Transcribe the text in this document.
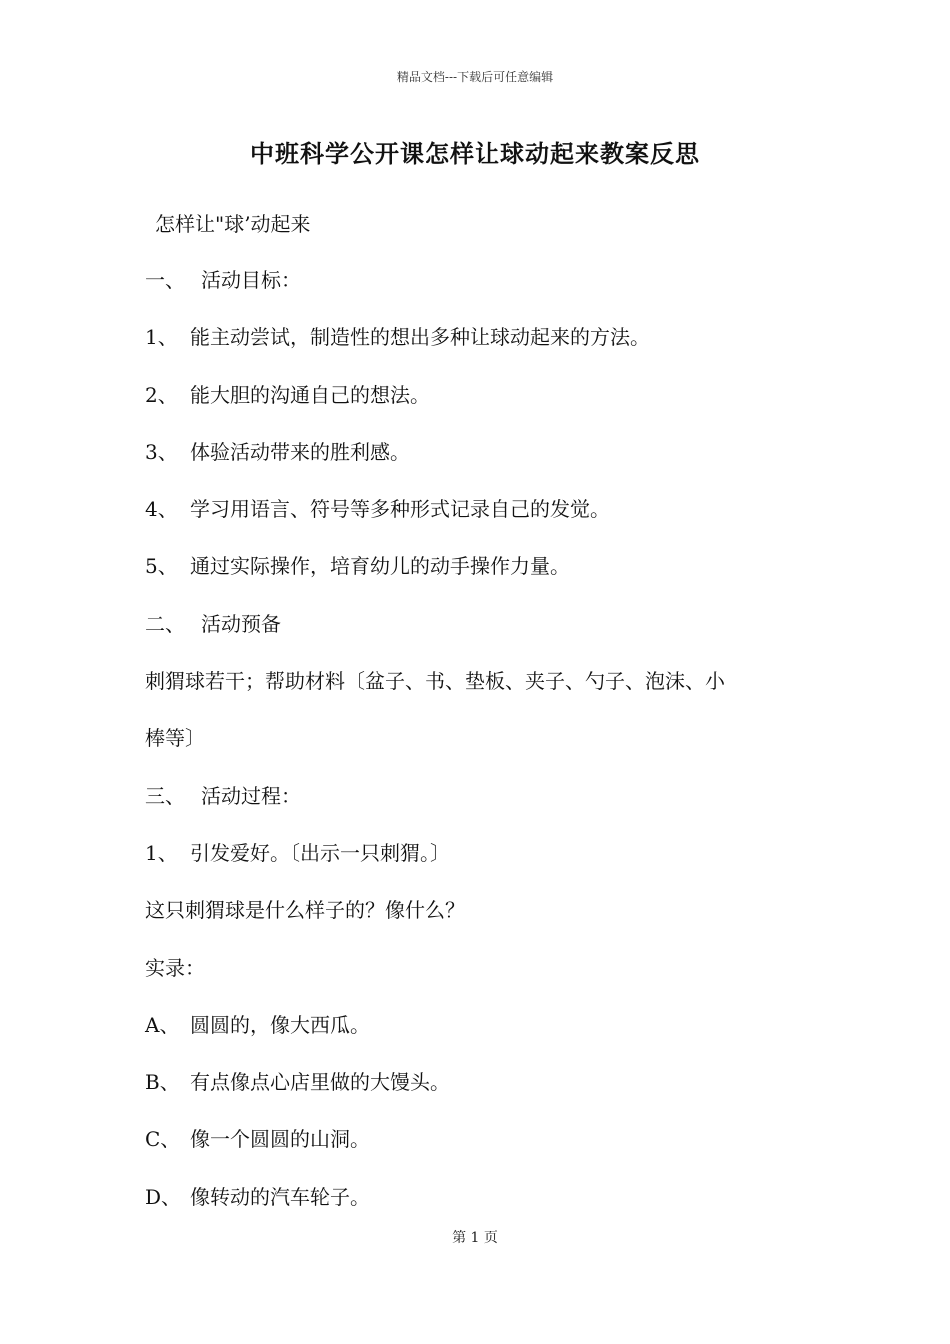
精品文档---下载后可任意编辑
中班科学公开课怎样让球动起来教案反思
怎样让"球’动起来
一、 活动目标：
1、 能主动尝试，制造性的想出多种让球动起来的方法。
2、 能大胆的沟通自己的想法。
3、 体验活动带来的胜利感。
4、 学习用语言、符号等多种形式记录自己的发觉。
5、 通过实际操作，培育幼儿的动手操作力量。
二、 活动预备
刺猬球若干；帮助材料〔盆子、书、垫板、夹子、勺子、泡沫、小
棒等〕
三、 活动过程：
1、 引发爱好。〔出示一只刺猬。〕
这只刺猬球是什么样子的？像什么？
实录：
A、 圆圆的，像大西瓜。
B、 有点像点心店里做的大馒头。
C、 像一个圆圆的山洞。
D、 像转动的汽车轮子。
第 1 页
